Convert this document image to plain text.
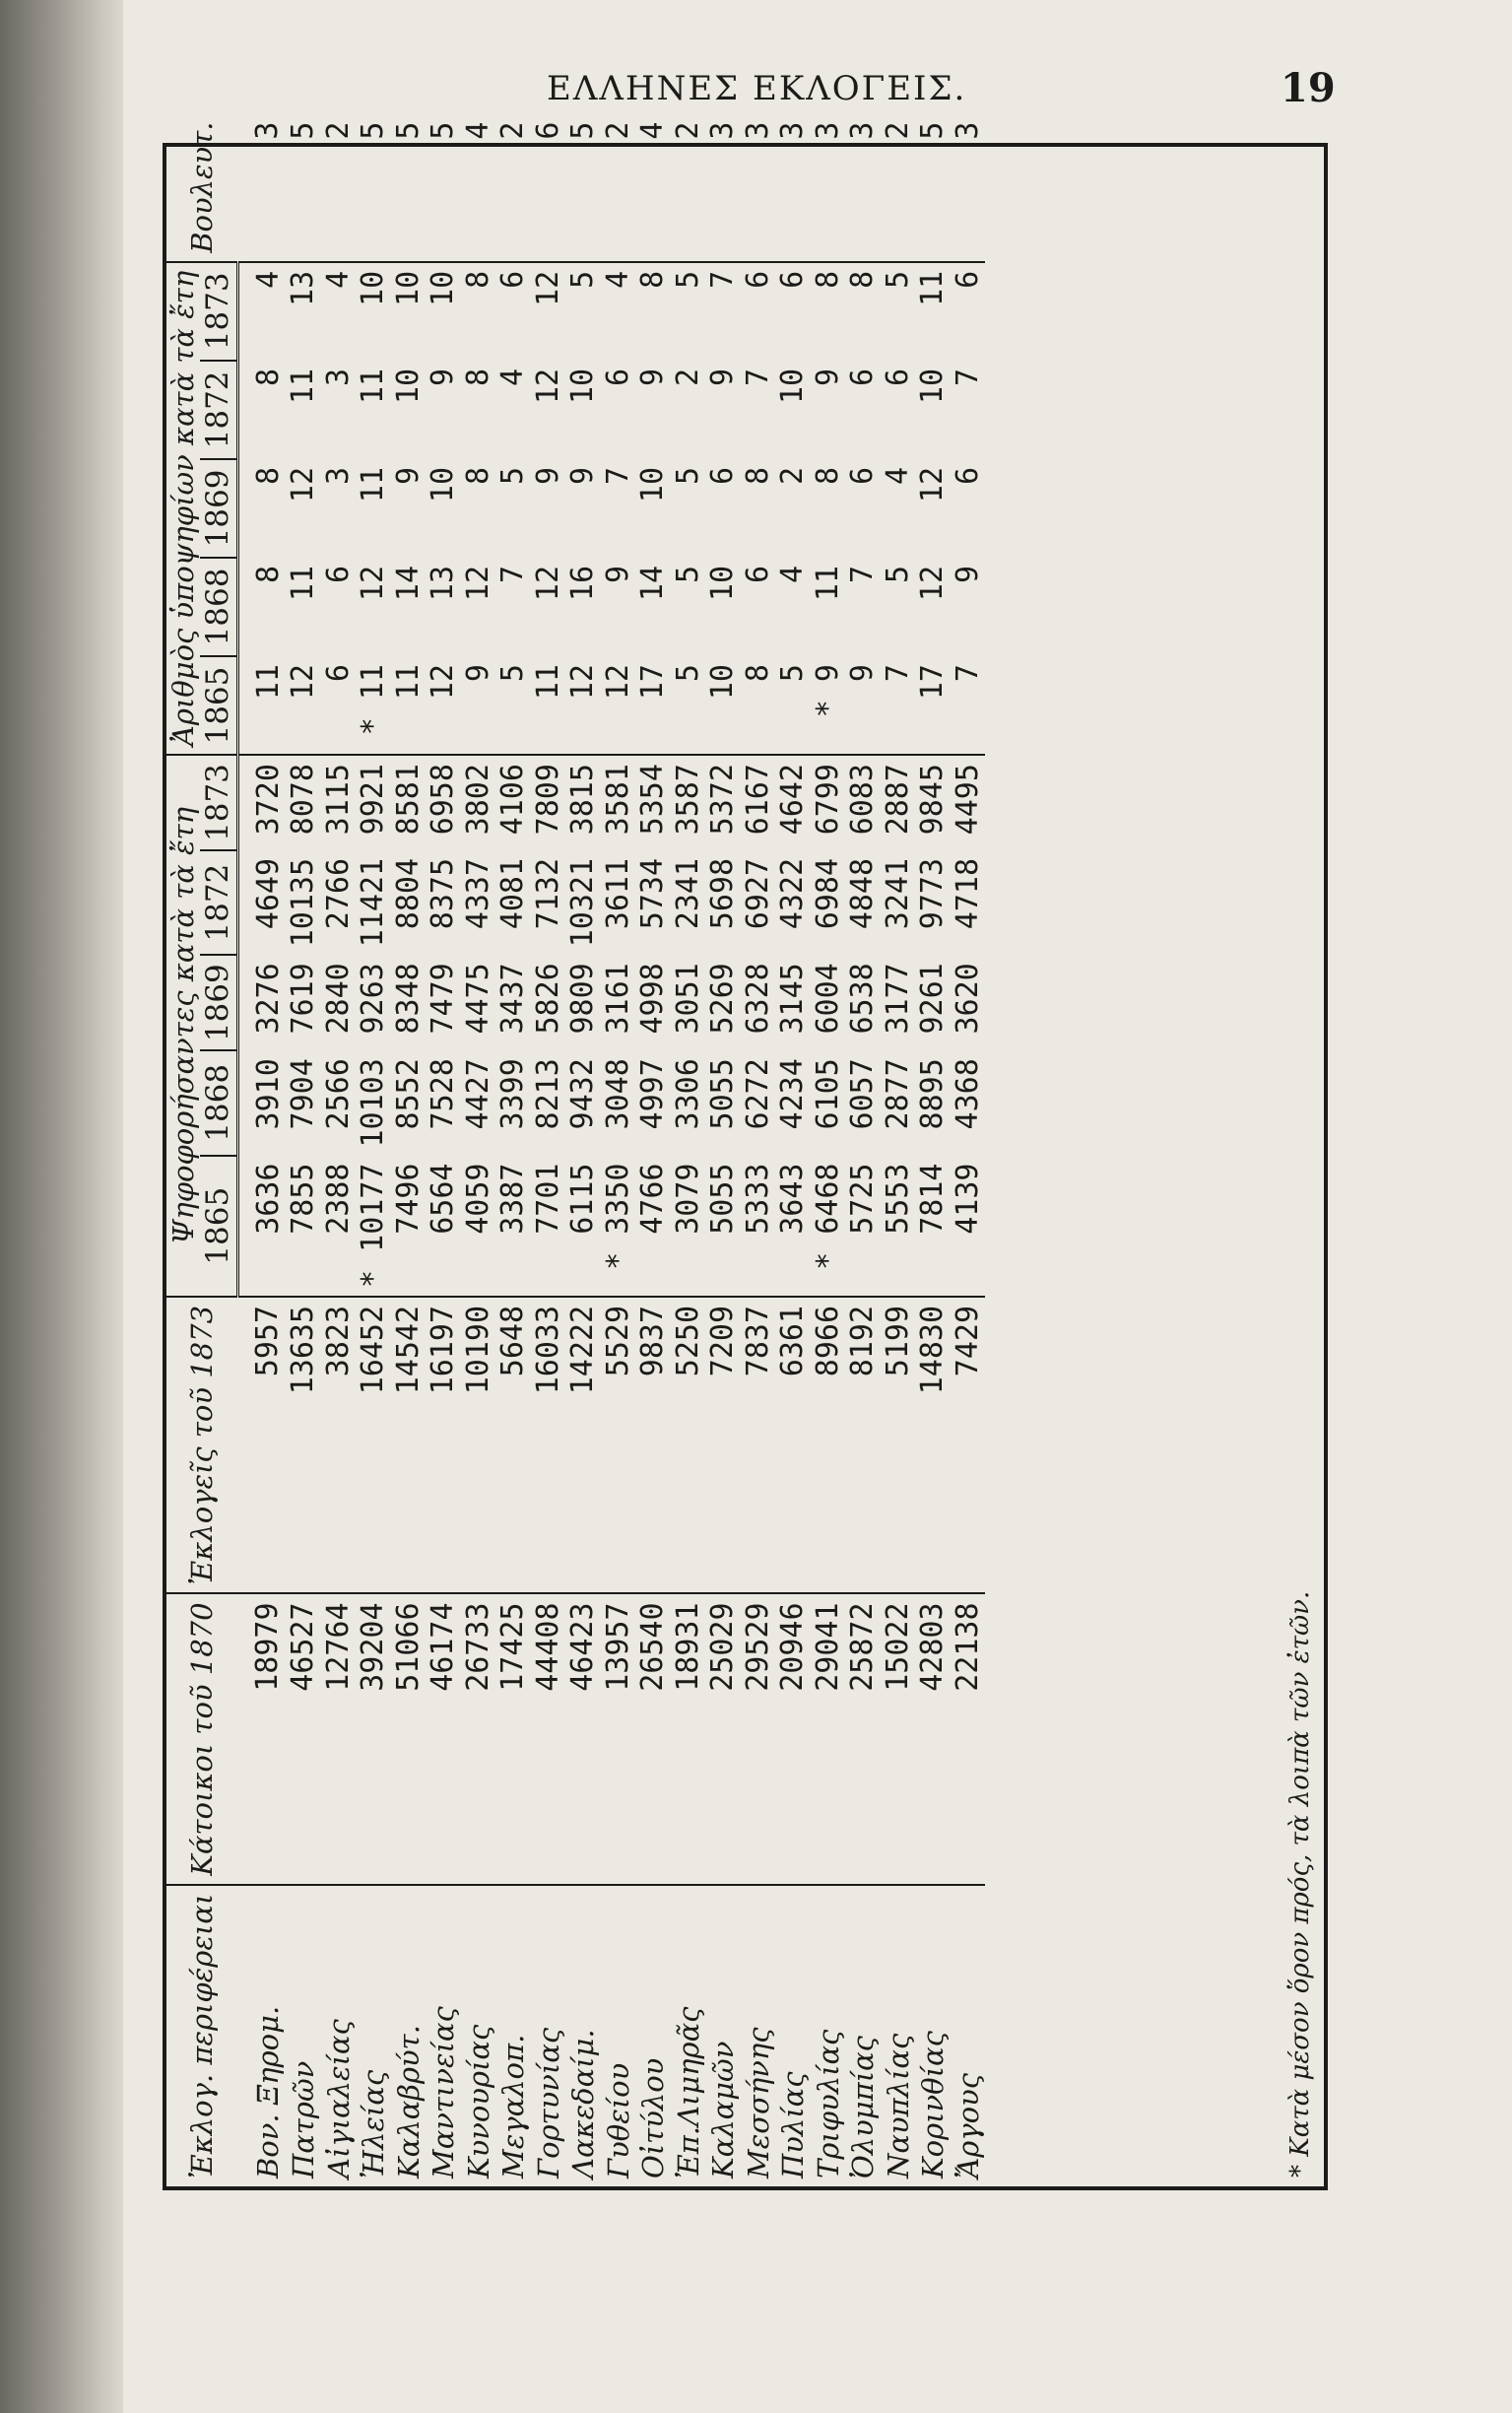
ΕΛΛΗΝΕΣ ΕΚΛΟΓΕΙΣ.	19
Ἐκλογ. περιφέρειαι	Κάτοικοι τοῦ 1870	Ἐκλογεῖς τοῦ 1873	Ψηφοφορήσαντες κατὰ τὰ ἔτη					Ἀριθμὸς ὑποψηφίων κατὰ τὰ ἔτη					Βουλευτ.
			1865	1868	1869	1872	1873	1865	1868	1869	1872	1873	
Βον. Ξηρομ.	18979	5957	3636	3910	3276	4649	3720	11	8	8	8	4	3
Πατρῶν	46527	13635	7855	7904	7619	10135	8078	12	11	12	11	13	5
Αἰγιαλείας	12764	3823	2388	2566	2840	2766	3115	6	6	3	3	4	2
Ἠλείας	39204	16452	* 10177	10103	9263	11421	9921	* 11	12	11	11	10	5
Καλαβρύτ.	51066	14542	7496	8552	8348	8804	8581	11	14	9	10	10	5
Μαντινείας	46174	16197	6564	7528	7479	8375	6958	12	13	10	9	10	5
Κυνουρίας	26733	10190	4059	4427	4475	4337	3802	9	12	8	8	8	4
Μεγαλοπ.	17425	5648	3387	3399	3437	4081	4106	5	7	5	4	6	2
Γορτυνίας	44408	16033	7701	8213	5826	7132	7809	11	12	9	12	12	6
Λακεδαίμ.	46423	14222	6115	9432	9809	10321	3815	12	16	9	10	5	5
Γυθείου	13957	5529	* 3350	3048	3161	3611	3581	12	9	7	6	4	2
Οἰτύλου	26540	9837	4766	4997	4998	5734	5354	17	14	10	9	8	4
Ἐπ.Λιμηρᾶς	18931	5250	3079	3306	3051	2341	3587	5	5	5	2	5	2
Καλαμῶν	25029	7209	5055	5055	5269	5698	5372	10	10	6	9	7	3
Μεσσήνης	29529	7837	5333	6272	6328	6927	6167	8	6	8	7	6	3
Πυλίας	20946	6361	3643	4234	3145	4322	4642	5	4	2	10	6	3
Τριφυλίας	29041	8966	* 6468	6105	6004	6984	6799	* 9	11	8	9	8	3
Ὀλυμπίας	25872	8192	5725	6057	6538	4848	6083	9	7	6	6	8	3
Ναυπλίας	15022	5199	5553	2877	3177	3241	2887	7	5	4	6	5	2
Κορινθίας	42803	14830	7814	8895	9261	9773	9845	17	12	12	10	11	5
Ἄργους	22138	7429	4139	4368	3620	4718	4495	7	9	6	7	6	3
* Κατὰ μέσον ὅρον πρός, τὰ λοιπὰ τῶν ἐτῶν.
